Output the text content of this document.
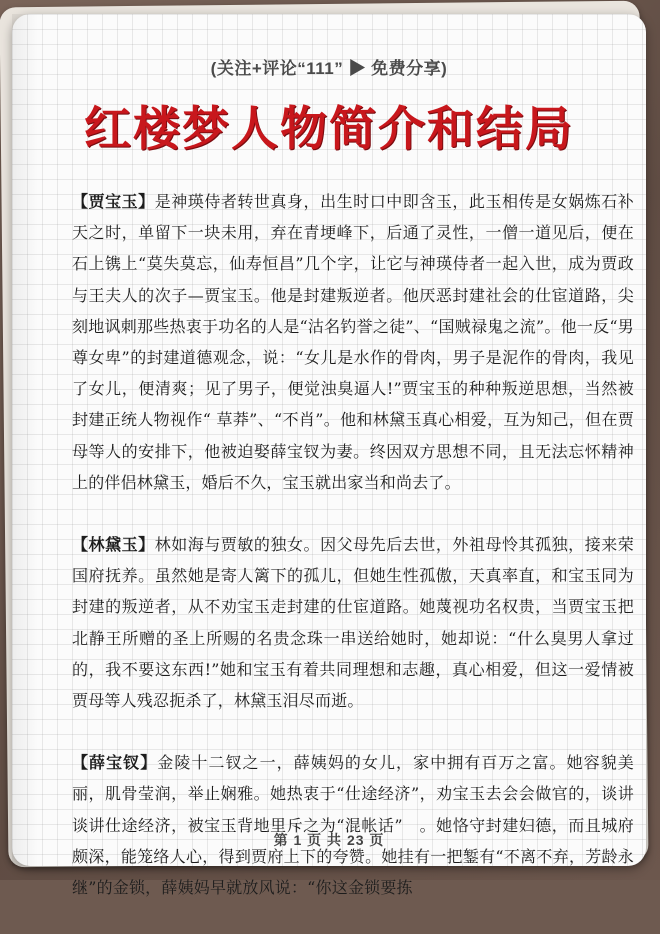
(关注+评论“111” ▶ 免费分享)
红楼梦人物简介和结局

【贾宝玉】是神瑛侍者转世真身，出生时口中即含玉，此玉相传是女娲炼石补天之时，单留下一块未用，弃在青埂峰下，后通了灵性，一僧一道见后，便在石上镌上“莫失莫忘，仙寿恒昌”几个字，让它与神瑛侍者一起入世，成为贾政与王夫人的次子—贾宝玉。他是封建叛逆者。他厌恶封建社会的仕宦道路，尖刻地讽刺那些热衷于功名的人是“沽名钓誉之徒”、“国贼禄鬼之流”。他一反“男尊女卑”的封建道德观念，说：“女儿是水作的骨肉，男子是泥作的骨肉，我见了女儿，便清爽；见了男子，便觉浊臭逼人!”贾宝玉的种种叛逆思想，当然被封建正统人物视作“ 草莽”、“不肖”。他和林黛玉真心相爱，互为知己，但在贾母等人的安排下，他被迫娶薛宝钗为妻。终因双方思想不同，且无法忘怀精神上的伴侣林黛玉，婚后不久，宝玉就出家当和尚去了。

【林黛玉】林如海与贾敏的独女。因父母先后去世，外祖母怜其孤独，接来荣国府抚养。虽然她是寄人篱下的孤儿，但她生性孤傲，天真率直，和宝玉同为封建的叛逆者，从不劝宝玉走封建的仕宦道路。她蔑视功名权贵，当贾宝玉把北静王所赠的圣上所赐的名贵念珠一串送给她时，她却说：“什么臭男人拿过的，我不要这东西!”她和宝玉有着共同理想和志趣，真心相爱，但这一爱情被贾母等人残忍扼杀了，林黛玉泪尽而逝。

【薛宝钗】金陵十二钗之一，薛姨妈的女儿，家中拥有百万之富。她容貌美丽，肌骨莹润，举止娴雅。她热衷于“仕途经济”，劝宝玉去会会做官的，谈讲谈讲仕途经济，被宝玉背地里斥之为“混帐话”　。她恪守封建妇德，而且城府颇深，能笼络人心，得到贾府上下的夸赞。她挂有一把錾有“不离不弃，芳龄永继”的金锁，薛姨妈早就放风说：“你这金锁要拣

第 1 页 共 23 页
